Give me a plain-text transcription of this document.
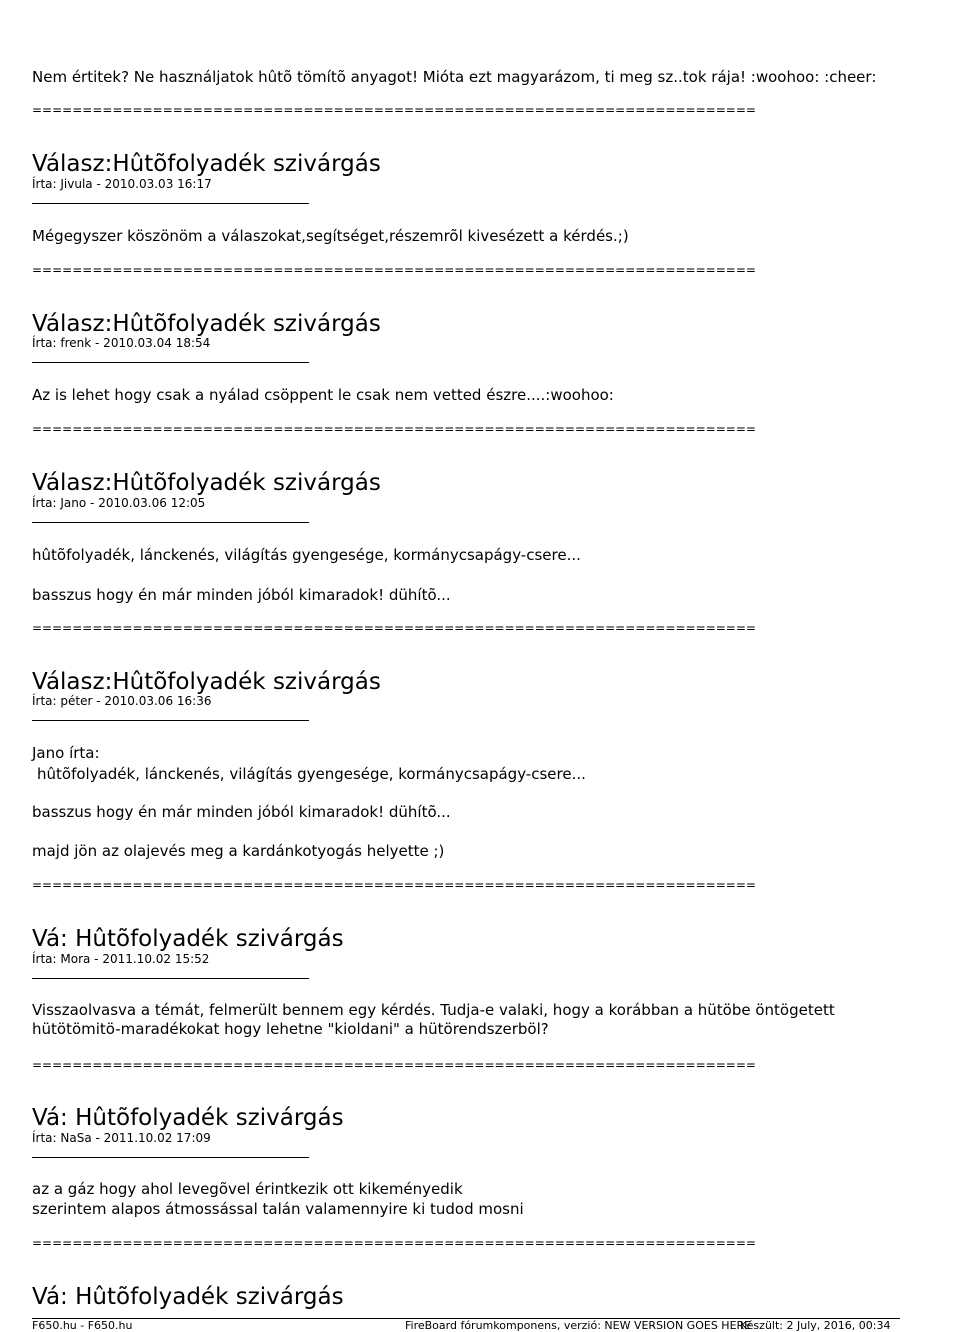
Nem értitek? Ne használjatok hûtõ tömítõ anyagot! Mióta ezt magyarázom, ti meg sz..tok rája! :woohoo: :cheer:
========================================================================
Válasz:Hûtõfolyadék szivárgás
Írta: Jivula - 2010.03.03 16:17
Mégegyszer köszönöm a válaszokat,segítséget,részemrõl kivesézett a kérdés.;)
========================================================================
Válasz:Hûtõfolyadék szivárgás
Írta: frenk - 2010.03.04 18:54
Az is lehet hogy csak a nyálad csöppent le csak nem vetted észre....:woohoo:
========================================================================
Válasz:Hûtõfolyadék szivárgás
Írta: Jano - 2010.03.06 12:05
hûtõfolyadék, lánckenés, világítás gyengesége, kormánycsapágy-csere...
basszus hogy én már minden jóból kimaradok! dühítõ...
========================================================================
Válasz:Hûtõfolyadék szivárgás
Írta: péter - 2010.03.06 16:36
Jano írta:
hûtõfolyadék, lánckenés, világítás gyengesége, kormánycsapágy-csere...
basszus hogy én már minden jóból kimaradok! dühítõ...
majd jön az olajevés meg a kardánkotyogás helyette ;)
========================================================================
Vá: Hûtõfolyadék szivárgás
Írta: Mora - 2011.10.02 15:52
Visszaolvasva a témát, felmerült bennem egy kérdés. Tudja-e valaki, hogy a korábban a hütöbe öntögetett hütötömitö-maradékokat hogy lehetne "kioldani" a hütörendszerböl?
========================================================================
Vá: Hûtõfolyadék szivárgás
Írta: NaSa - 2011.10.02 17:09
az a gáz hogy ahol levegõvel érintkezik ott kikeményedik
szerintem alapos átmossással talán valamennyire ki tudod mosni
========================================================================
Vá: Hûtõfolyadék szivárgás
F650.hu - F650.hu	FireBoard fórumkomponens, verzió: NEW VERSION GOES HERE
Készült: 2 July, 2016, 00:34
